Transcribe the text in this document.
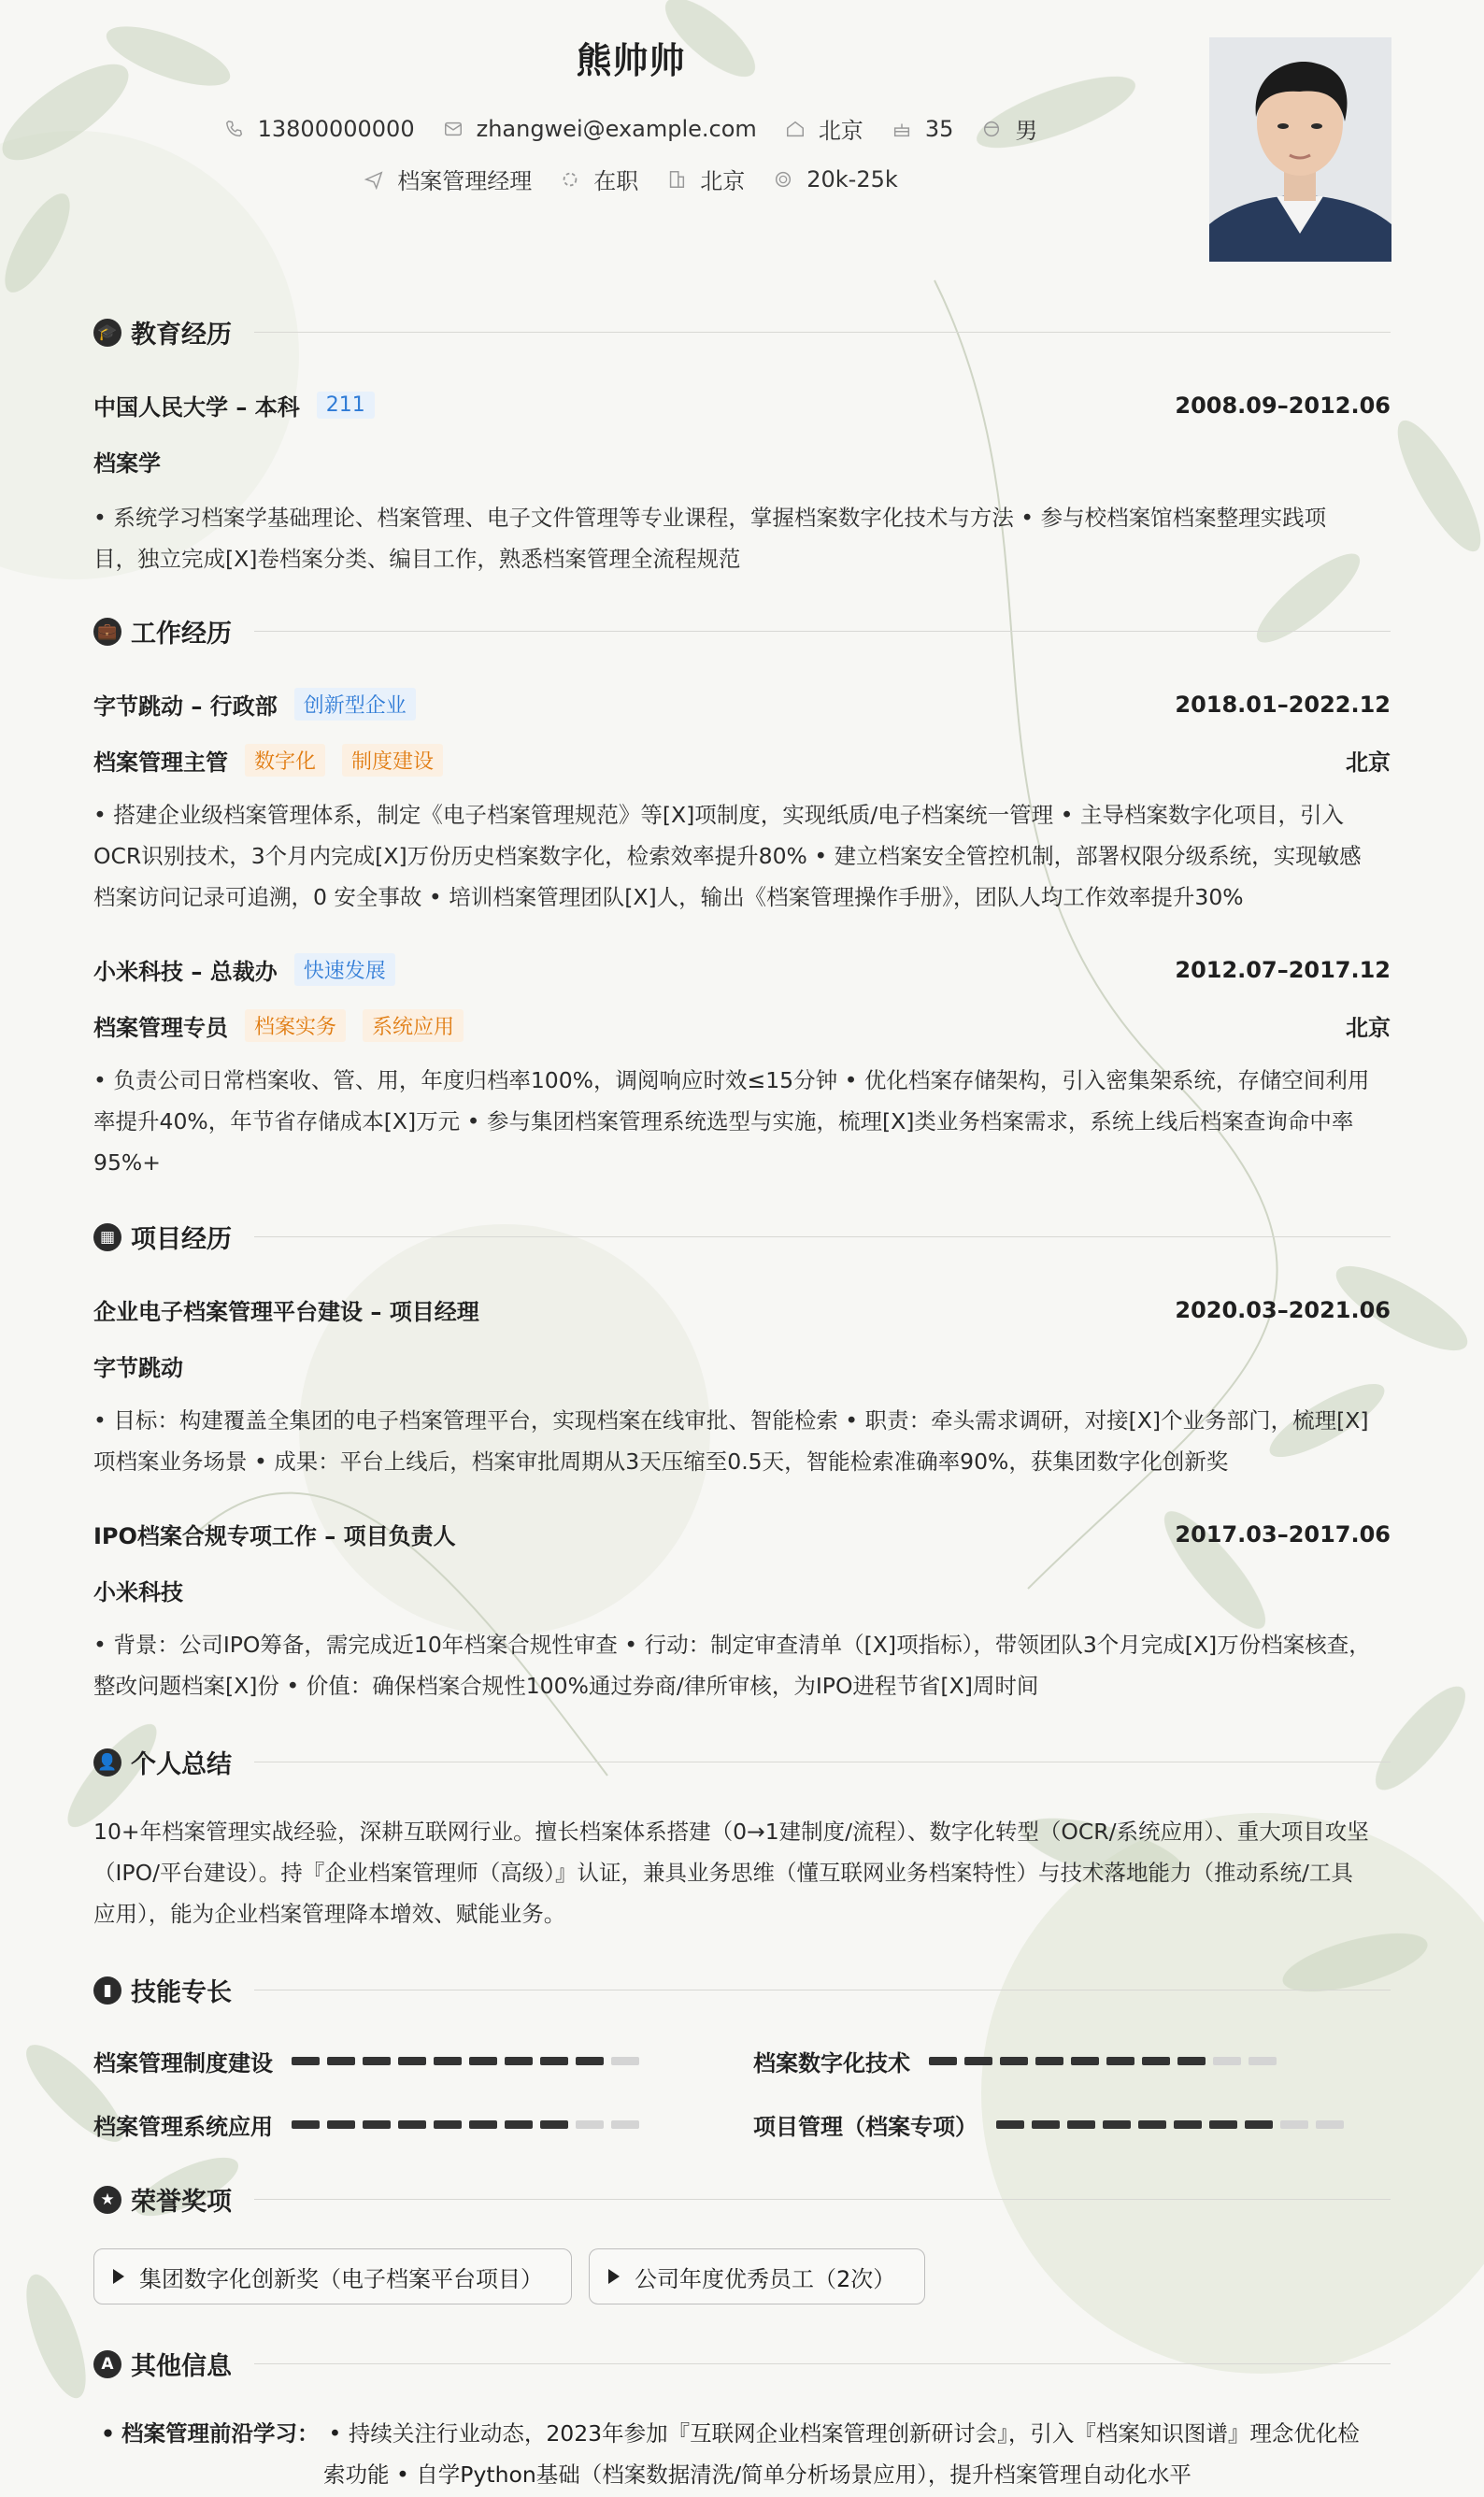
熊帅帅
13800000000	zhangwei@example.com	北京	35	男
档案管理经理	在职	北京	20k-25k
🎓 教育经历
中国人民大学 – 本科	211	2008.09–2012.06
档案学
• 系统学习档案学基础理论、档案管理、电子文件管理等专业课程，掌握档案数字化技术与方法 • 参与校档案馆档案整理实践项
目，独立完成[X]卷档案分类、编目工作，熟悉档案管理全流程规范
💼 工作经历
字节跳动 – 行政部	创新型企业	2018.01–2022.12
档案管理主管	数字化	制度建设	北京
• 搭建企业级档案管理体系，制定《电子档案管理规范》等[X]项制度，实现纸质/电子档案统一管理 • 主导档案数字化项目，引入
OCR识别技术，3个月内完成[X]万份历史档案数字化，检索效率提升80% • 建立档案安全管控机制，部署权限分级系统，实现敏感
档案访问记录可追溯，0 安全事故 • 培训档案管理团队[X]人，输出《档案管理操作手册》，团队人均工作效率提升30%
小米科技 – 总裁办	快速发展	2012.07–2017.12
档案管理专员	档案实务	系统应用	北京
• 负责公司日常档案收、管、用，年度归档率100%，调阅响应时效≤15分钟 • 优化档案存储架构，引入密集架系统，存储空间利用
率提升40%，年节省存储成本[X]万元 • 参与集团档案管理系统选型与实施，梳理[X]类业务档案需求，系统上线后档案查询命中率
95%+
▦ 项目经历
企业电子档案管理平台建设 – 项目经理	2020.03–2021.06
字节跳动
• 目标：构建覆盖全集团的电子档案管理平台，实现档案在线审批、智能检索 • 职责：牵头需求调研，对接[X]个业务部门，梳理[X]
项档案业务场景 • 成果：平台上线后，档案审批周期从3天压缩至0.5天，智能检索准确率90%，获集团数字化创新奖
IPO档案合规专项工作 – 项目负责人	2017.03–2017.06
小米科技
• 背景：公司IPO筹备，需完成近10年档案合规性审查 • 行动：制定审查清单（[X]项指标），带领团队3个月完成[X]万份档案核查，
整改问题档案[X]份 • 价值：确保档案合规性100%通过券商/律所审核，为IPO进程节省[X]周时间
👤 个人总结
10+年档案管理实战经验，深耕互联网行业。擅长档案体系搭建（0→1建制度/流程）、数字化转型（OCR/系统应用）、重大项目攻坚
（IPO/平台建设）。持『企业档案管理师（高级）』认证，兼具业务思维（懂互联网业务档案特性）与技术落地能力（推动系统/工具
应用），能为企业档案管理降本增效、赋能业务。
▮ 技能专长
档案管理制度建设	档案数字化技术
档案管理系统应用	项目管理（档案专项）
★ 荣誉奖项
集团数字化创新奖（电子档案平台项目）	公司年度优秀员工（2次）
A 其他信息
• 档案管理前沿学习： • 持续关注行业动态，2023年参加『互联网企业档案管理创新研讨会』，引入『档案知识图谱』理念优化检
索功能 • 自学Python基础（档案数据清洗/简单分析场景应用），提升档案管理自动化水平
